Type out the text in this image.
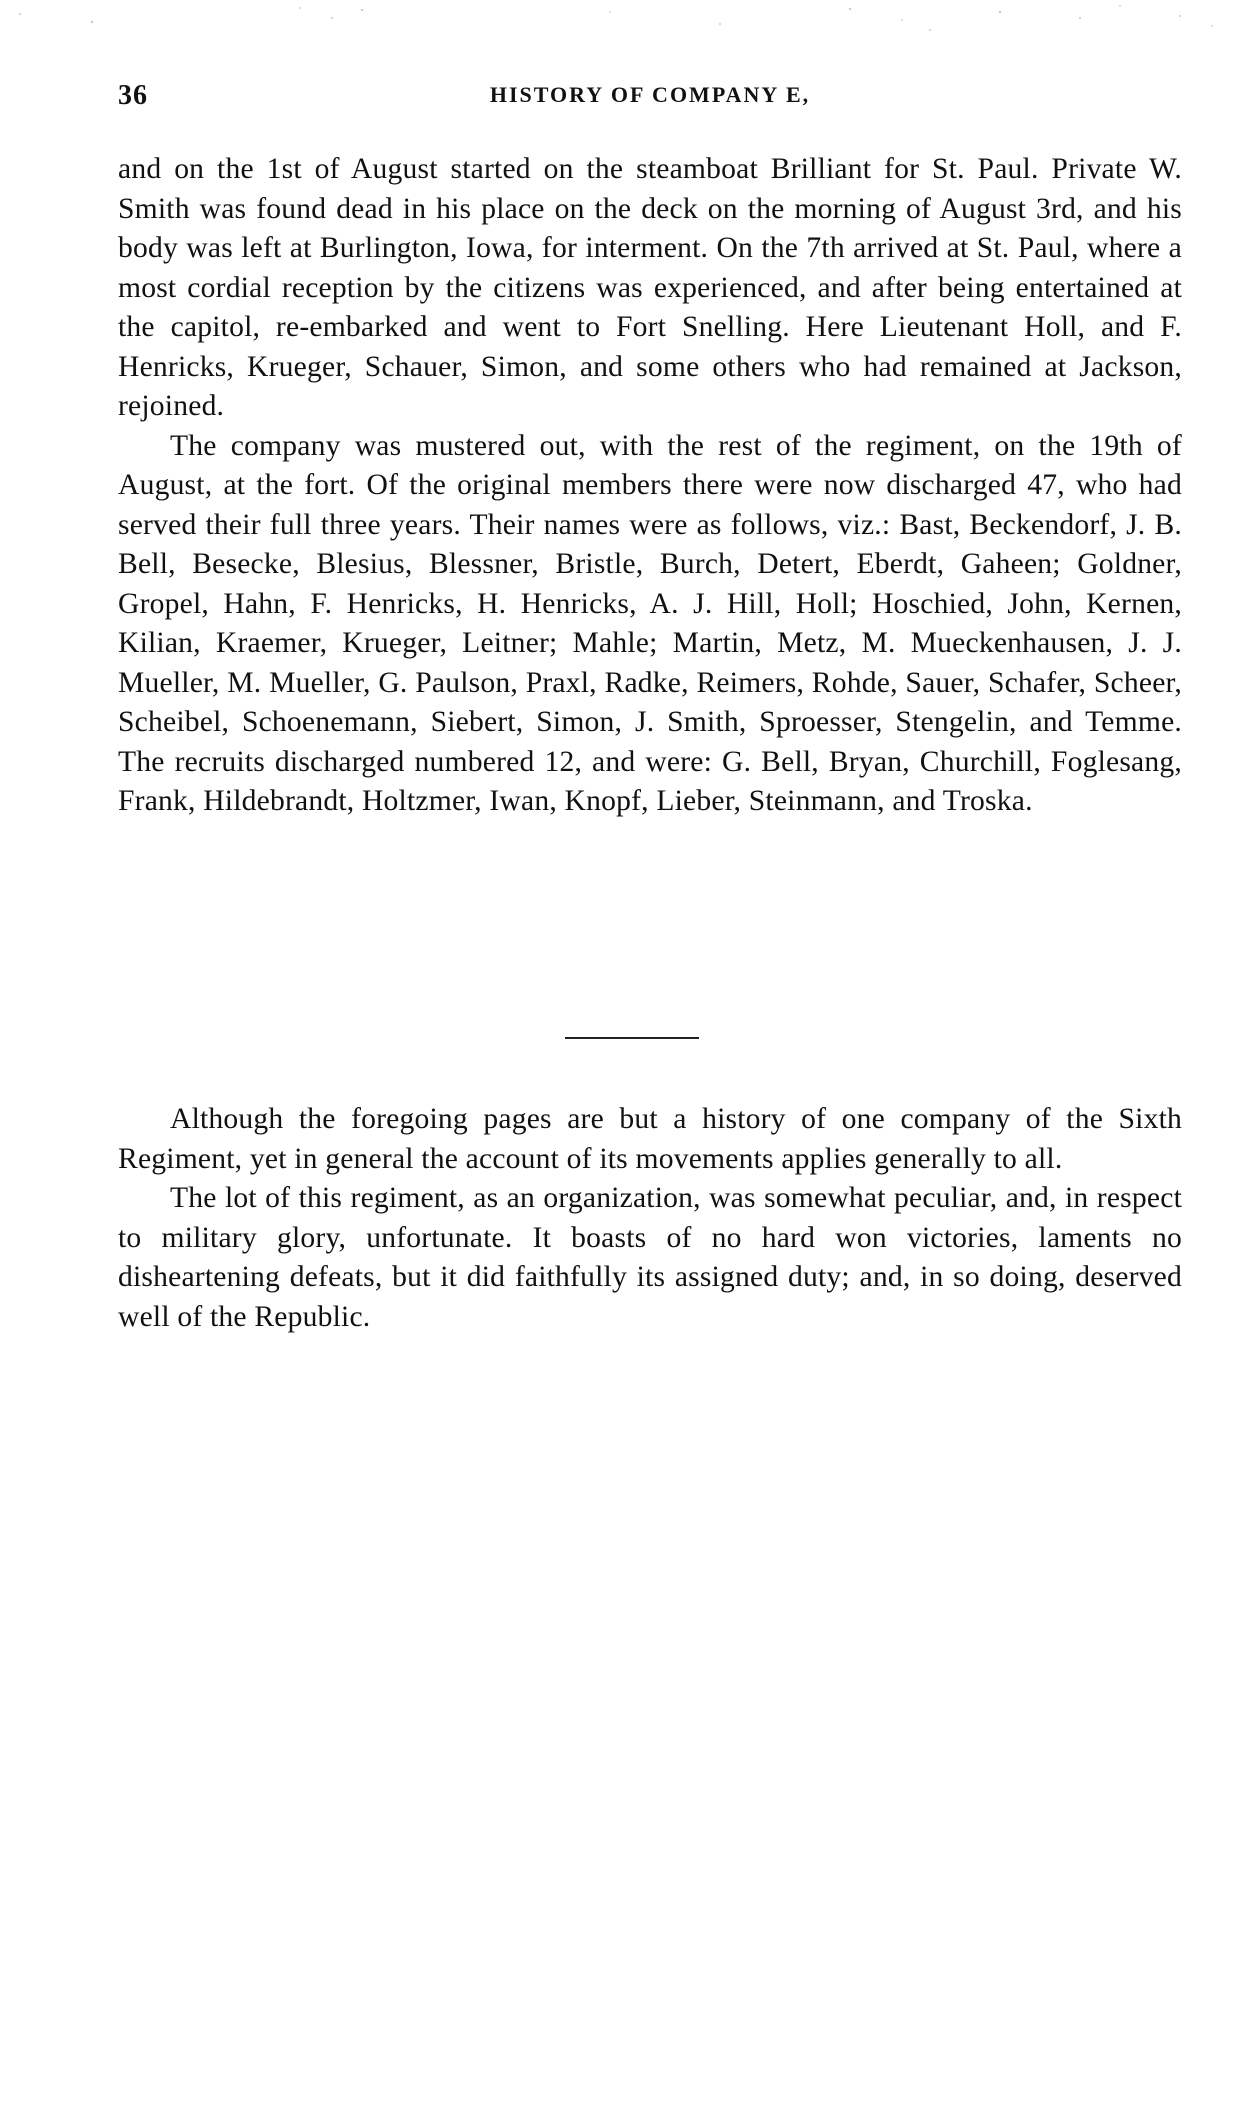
36	HISTORY OF COMPANY E,

and on the 1st of August started on the steamboat Brilliant for St. Paul. Private W. Smith was found dead in his place on the deck on the morning of August 3rd, and his body was left at Burlington, Iowa, for interment. On the 7th arrived at St. Paul, where a most cordial reception by the citizens was experienced, and after being entertained at the capitol, re-embarked and went to Fort Snelling. Here Lieutenant Holl, and F. Henricks, Krueger, Schauer, Simon, and some others who had remained at Jackson, rejoined.

The company was mustered out, with the rest of the regiment, on the 19th of August, at the fort. Of the original members there were now discharged 47, who had served their full three years. Their names were as follows, viz.: Bast, Beckendorf, J. B. Bell, Besecke, Blesius, Blessner, Bristle, Burch, Detert, Eberdt, Gaheen; Goldner, Gropel, Hahn, F. Henricks, H. Henricks, A. J. Hill, Holl; Hoschied, John, Kernen, Kilian, Kraemer, Krueger, Leitner; Mahle; Martin, Metz, M. Mueckenhausen, J. J. Mueller, M. Mueller, G. Paulson, Praxl, Radke, Reimers, Rohde, Sauer, Schafer, Scheer, Scheibel, Schoenemann, Siebert, Simon, J. Smith, Sproesser, Stengelin, and Temme. The recruits discharged numbered 12, and were: G. Bell, Bryan, Churchill, Foglesang, Frank, Hildebrandt, Holtzmer, Iwan, Knopf, Lieber, Steinmann, and Troska.

Although the foregoing pages are but a history of one company of the Sixth Regiment, yet in general the account of its movements applies generally to all.

The lot of this regiment, as an organization, was somewhat peculiar, and, in respect to military glory, unfortunate. It boasts of no hard won victories, laments no disheartening defeats, but it did faithfully its assigned duty; and, in so doing, deserved well of the Republic.
